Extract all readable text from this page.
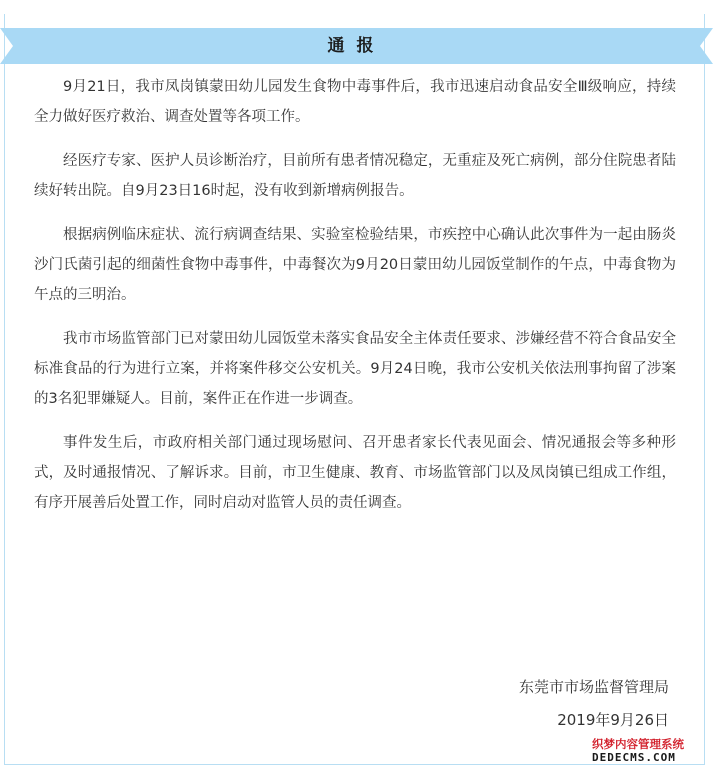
通报

9月21日，我市凤岗镇蒙田幼儿园发生食物中毒事件后，我市迅速启动食品安全Ⅲ级响应，持续全力做好医疗救治、调查处置等各项工作。

经医疗专家、医护人员诊断治疗，目前所有患者情况稳定，无重症及死亡病例，部分住院患者陆续好转出院。自9月23日16时起，没有收到新增病例报告。

根据病例临床症状、流行病调查结果、实验室检验结果，市疾控中心确认此次事件为一起由肠炎沙门氏菌引起的细菌性食物中毒事件，中毒餐次为9月20日蒙田幼儿园饭堂制作的午点，中毒食物为午点的三明治。

我市市场监管部门已对蒙田幼儿园饭堂未落实食品安全主体责任要求、涉嫌经营不符合食品安全标准食品的行为进行立案，并将案件移交公安机关。9月24日晚，我市公安机关依法刑事拘留了涉案的3名犯罪嫌疑人。目前，案件正在作进一步调查。

事件发生后，市政府相关部门通过现场慰问、召开患者家长代表见面会、情况通报会等多种形式，及时通报情况、了解诉求。目前，市卫生健康、教育、市场监管部门以及凤岗镇已组成工作组，有序开展善后处置工作，同时启动对监管人员的责任调查。

东莞市市场监督管理局
2019年9月26日
织梦内容管理系统
DEDECMS.COM
